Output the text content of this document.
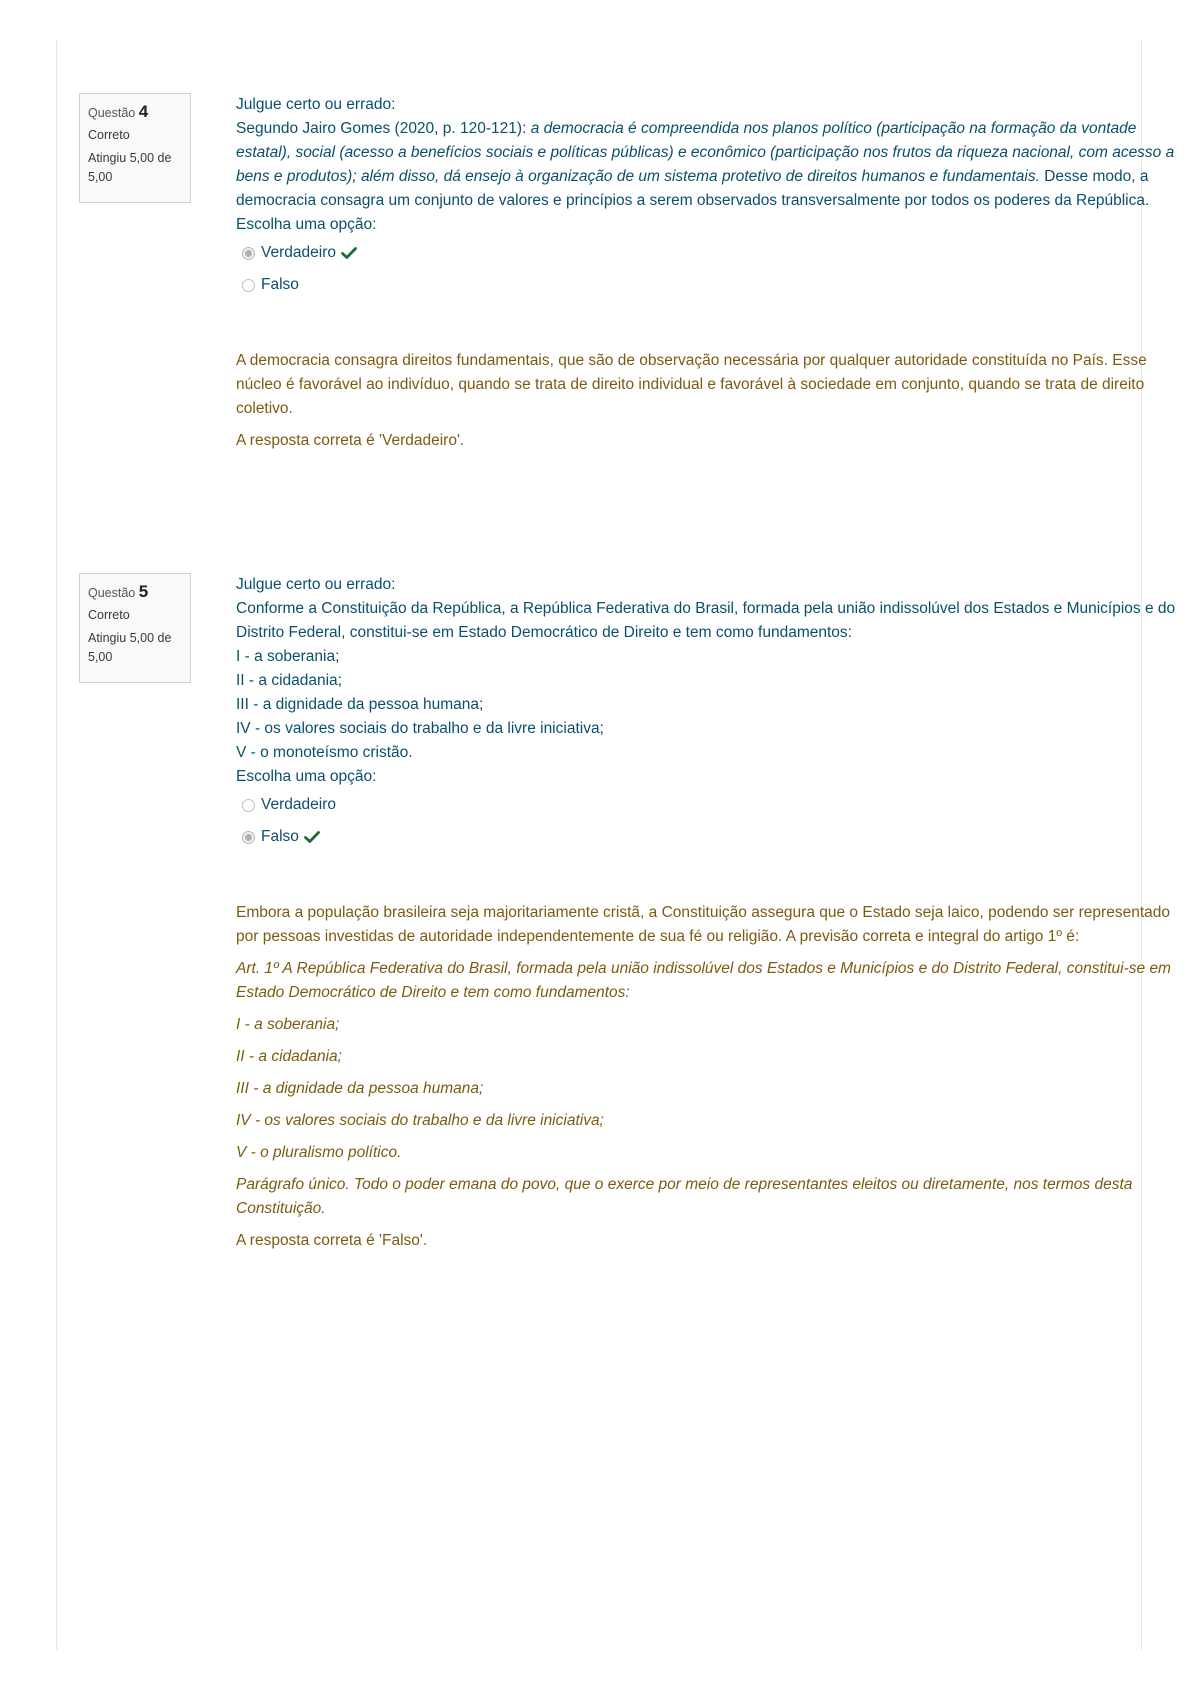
Questão 4
Correto
Atingiu 5,00 de 5,00

Julgue certo ou errado:

Segundo Jairo Gomes (2020, p. 120-121): a democracia é compreendida nos planos político (participação na formação da vontade estatal), social (acesso a benefícios sociais e políticas públicas) e econômico (participação nos frutos da riqueza nacional, com acesso a bens e produtos); além disso, dá ensejo à organização de um sistema protetivo de direitos humanos e fundamentais. Desse modo, a democracia consagra um conjunto de valores e princípios a serem observados transversalmente por todos os poderes da República.

Escolha uma opção:

Verdadeiro
Falso

A democracia consagra direitos fundamentais, que são de observação necessária por qualquer autoridade constituída no País. Esse núcleo é favorável ao indivíduo, quando se trata de direito individual e favorável à sociedade em conjunto, quando se trata de direito coletivo.

A resposta correta é 'Verdadeiro'.

Questão 5
Correto
Atingiu 5,00 de 5,00

Julgue certo ou errado:

Conforme a Constituição da República, a República Federativa do Brasil, formada pela união indissolúvel dos Estados e Municípios e do Distrito Federal, constitui-se em Estado Democrático de Direito e tem como fundamentos:

I - a soberania;

II - a cidadania;

III - a dignidade da pessoa humana;

IV - os valores sociais do trabalho e da livre iniciativa;

V - o monoteísmo cristão.

Escolha uma opção:

Verdadeiro
Falso

Embora a população brasileira seja majoritariamente cristã, a Constituição assegura que o Estado seja laico, podendo ser representado por pessoas investidas de autoridade independentemente de sua fé ou religião. A previsão correta e integral do artigo 1º é:

Art. 1º A República Federativa do Brasil, formada pela união indissolúvel dos Estados e Municípios e do Distrito Federal, constitui-se em Estado Democrático de Direito e tem como fundamentos:

I - a soberania;

II - a cidadania;

III - a dignidade da pessoa humana;

IV - os valores sociais do trabalho e da livre iniciativa;

V - o pluralismo político.

Parágrafo único. Todo o poder emana do povo, que o exerce por meio de representantes eleitos ou diretamente, nos termos desta Constituição.

A resposta correta é 'Falso'.
